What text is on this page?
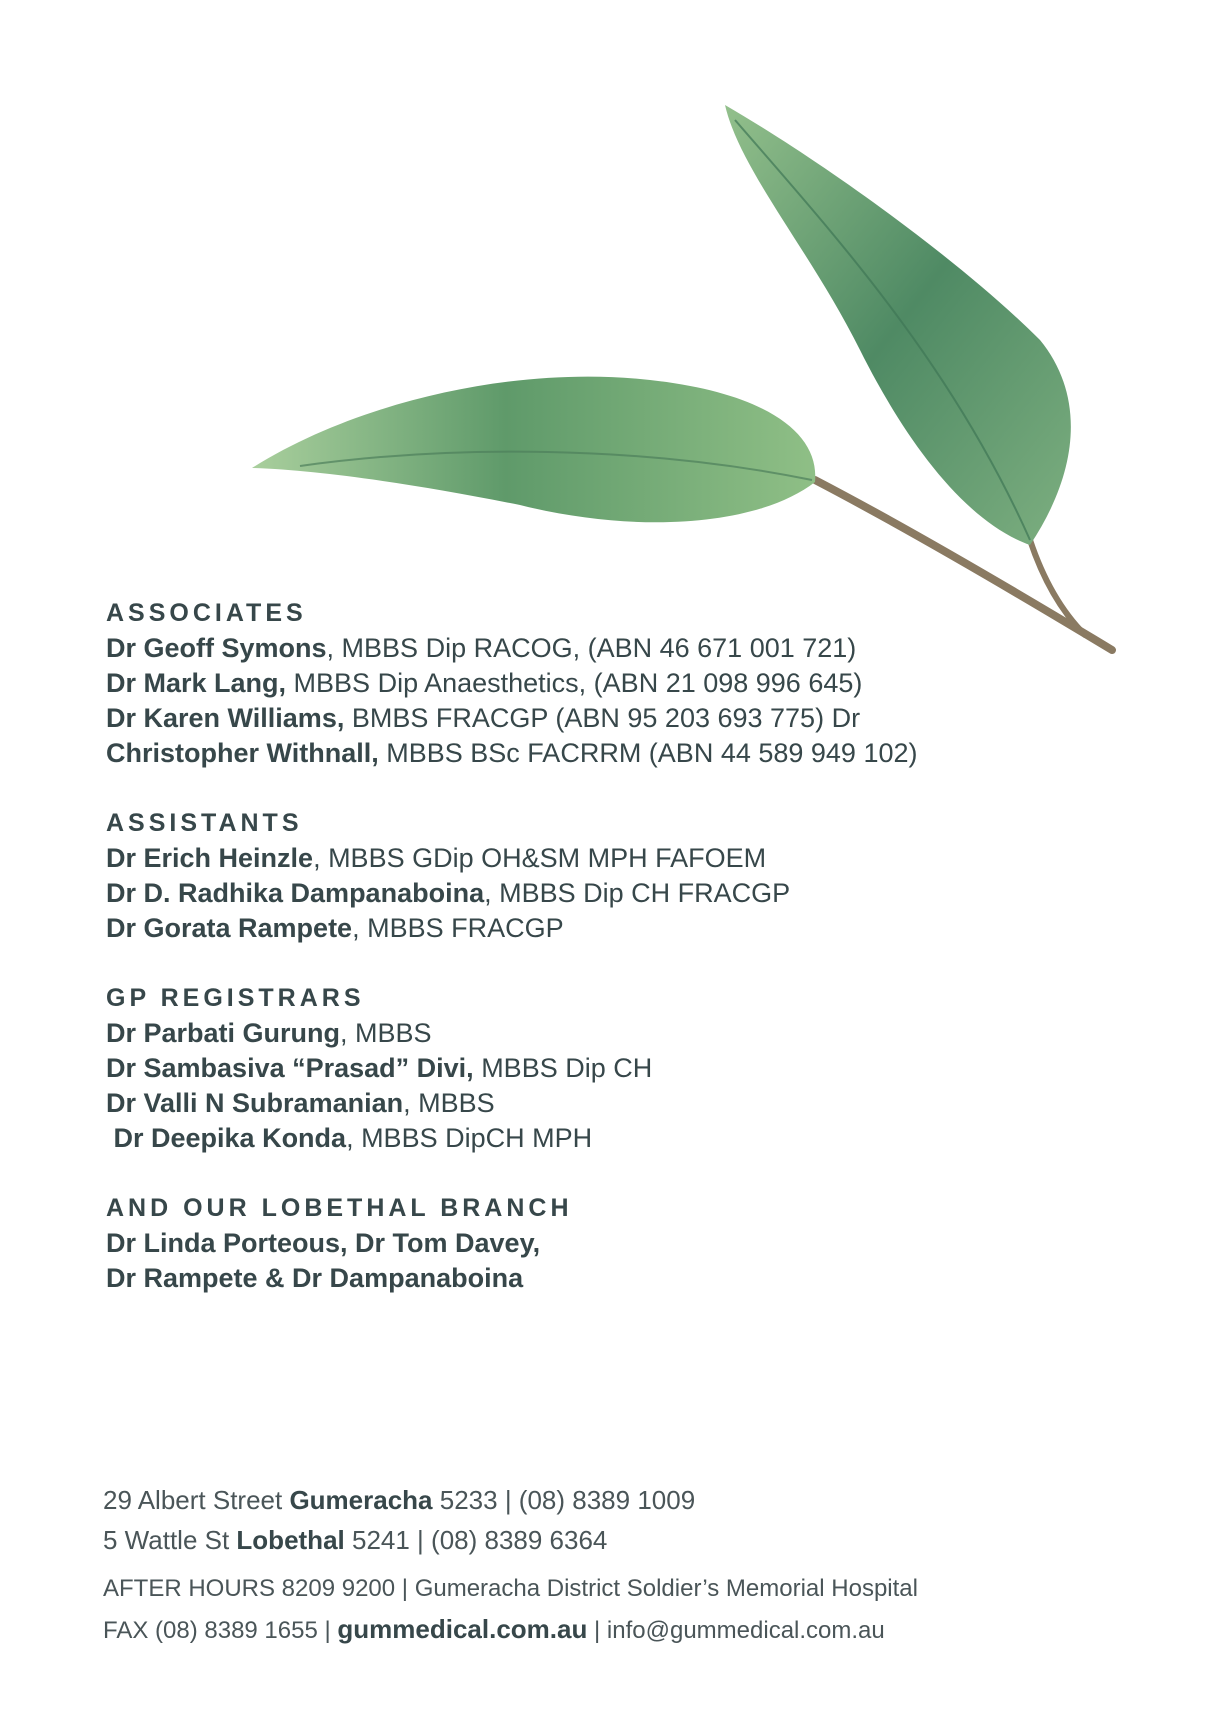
ASSOCIATES
Dr Geoff Symons, MBBS Dip RACOG, (ABN 46 671 001 721)
Dr Mark Lang, MBBS Dip Anaesthetics, (ABN 21 098 996 645)
Dr Karen Williams, BMBS FRACGP (ABN 95 203 693 775) Dr
Christopher Withnall, MBBS BSc FACRRM (ABN 44 589 949 102)
ASSISTANTS
Dr Erich Heinzle, MBBS GDip OH&SM MPH FAFOEM
Dr D. Radhika Dampanaboina, MBBS Dip CH FRACGP
Dr Gorata Rampete, MBBS FRACGP
GP REGISTRARS
Dr Parbati Gurung, MBBS
Dr Sambasiva “Prasad” Divi, MBBS Dip CH
Dr Valli N Subramanian, MBBS
Dr Deepika Konda, MBBS DipCH MPH
AND OUR LOBETHAL BRANCH
Dr Linda Porteous, Dr Tom Davey,
Dr Rampete & Dr Dampanaboina
29 Albert Street Gumeracha 5233 | (08) 8389 1009
5 Wattle St Lobethal 5241 | (08) 8389 6364
AFTER HOURS 8209 9200 | Gumeracha District Soldier’s Memorial Hospital
FAX (08) 8389 1655 | gummedical.com.au | info@gummedical.com.au
